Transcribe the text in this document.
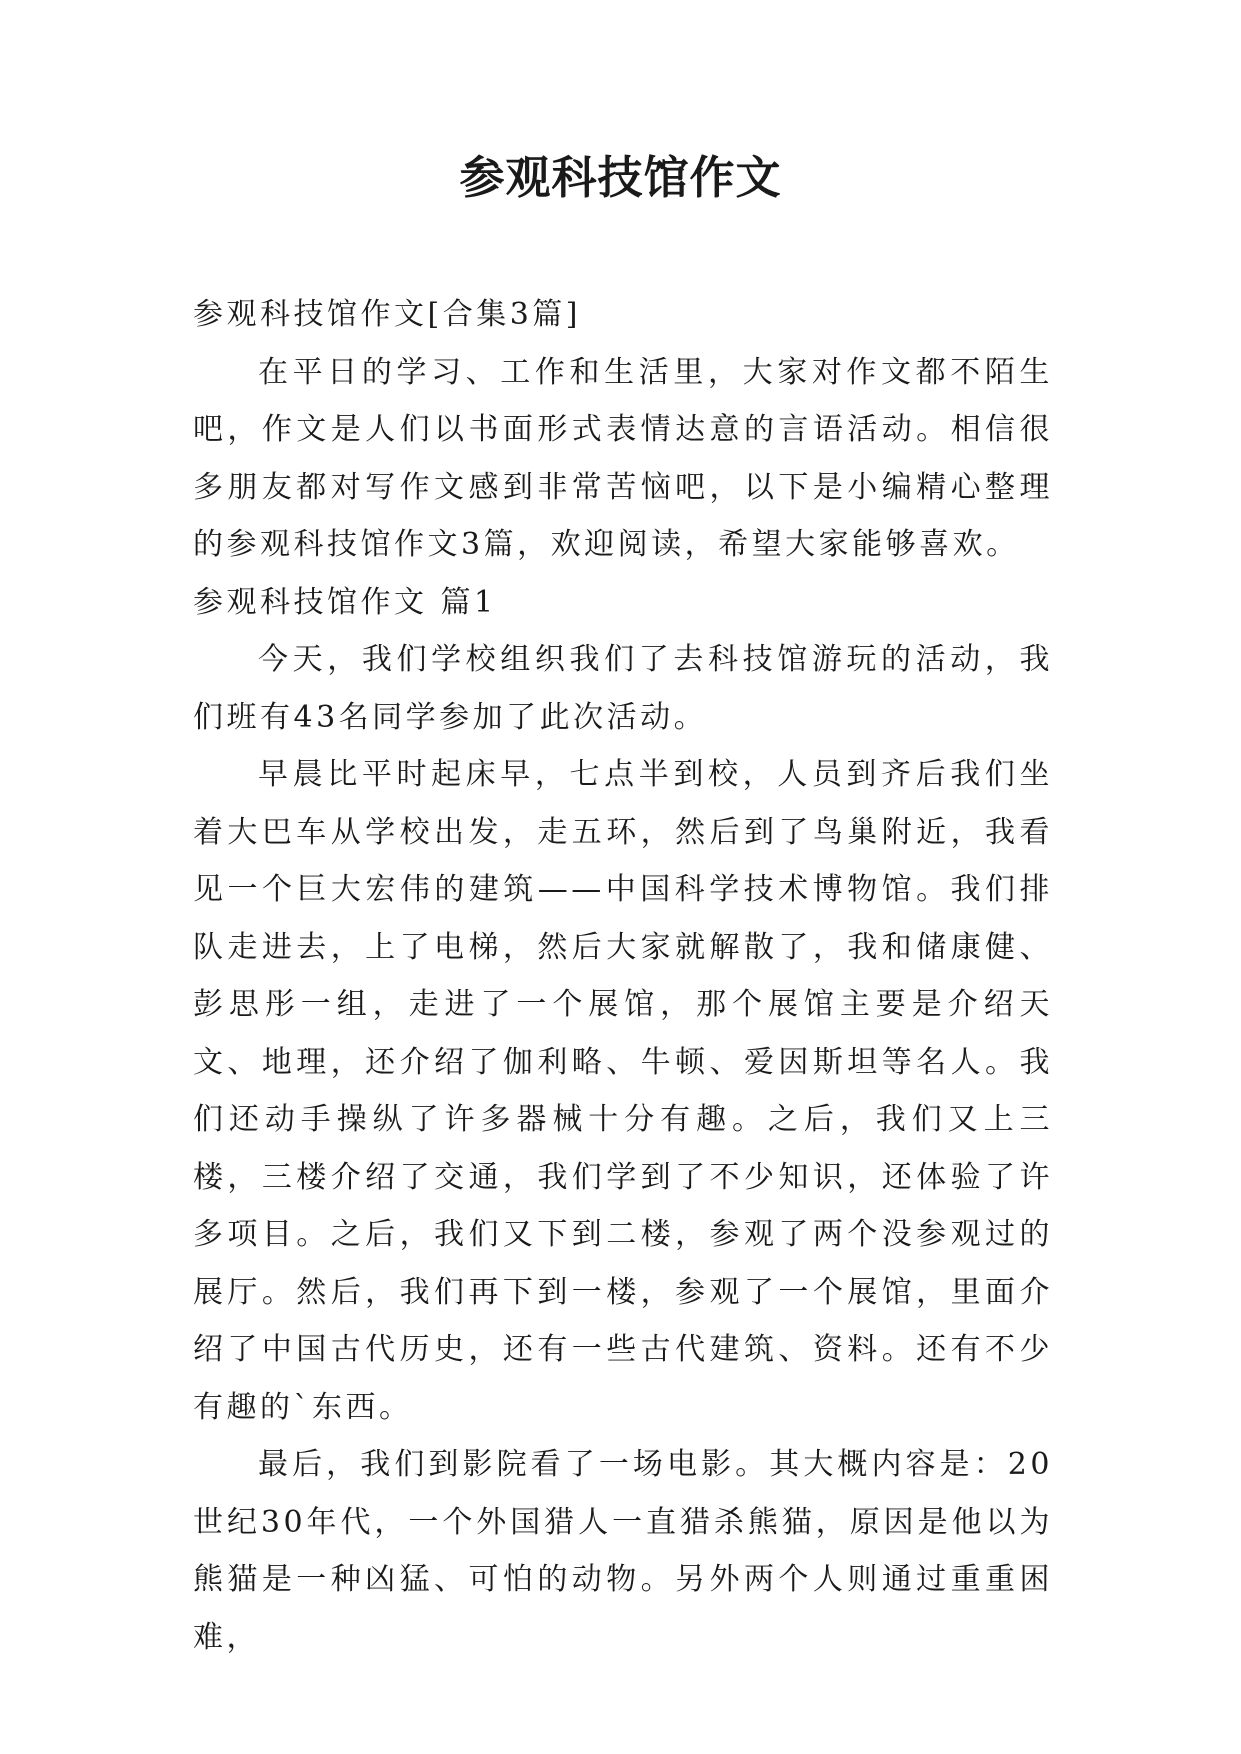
参观科技馆作文

参观科技馆作文[合集3篇]

在平日的学习、工作和生活里，大家对作文都不陌生吧，作文是人们以书面形式表情达意的言语活动。相信很多朋友都对写作文感到非常苦恼吧，以下是小编精心整理的参观科技馆作文3篇，欢迎阅读，希望大家能够喜欢。

参观科技馆作文 篇1

今天，我们学校组织我们了去科技馆游玩的活动，我们班有43名同学参加了此次活动。

早晨比平时起床早，七点半到校，人员到齐后我们坐着大巴车从学校出发，走五环，然后到了鸟巢附近，我看见一个巨大宏伟的建筑——中国科学技术博物馆。我们排队走进去，上了电梯，然后大家就解散了，我和储康健、彭思彤一组，走进了一个展馆，那个展馆主要是介绍天文、地理，还介绍了伽利略、牛顿、爱因斯坦等名人。我们还动手操纵了许多器械十分有趣。之后，我们又上三楼，三楼介绍了交通，我们学到了不少知识，还体验了许多项目。之后，我们又下到二楼，参观了两个没参观过的展厅。然后，我们再下到一楼，参观了一个展馆，里面介绍了中国古代历史，还有一些古代建筑、资料。还有不少有趣的`东西。

最后，我们到影院看了一场电影。其大概内容是：20世纪30年代，一个外国猎人一直猎杀熊猫，原因是他以为熊猫是一种凶猛、可怕的动物。另外两个人则通过重重困难，
